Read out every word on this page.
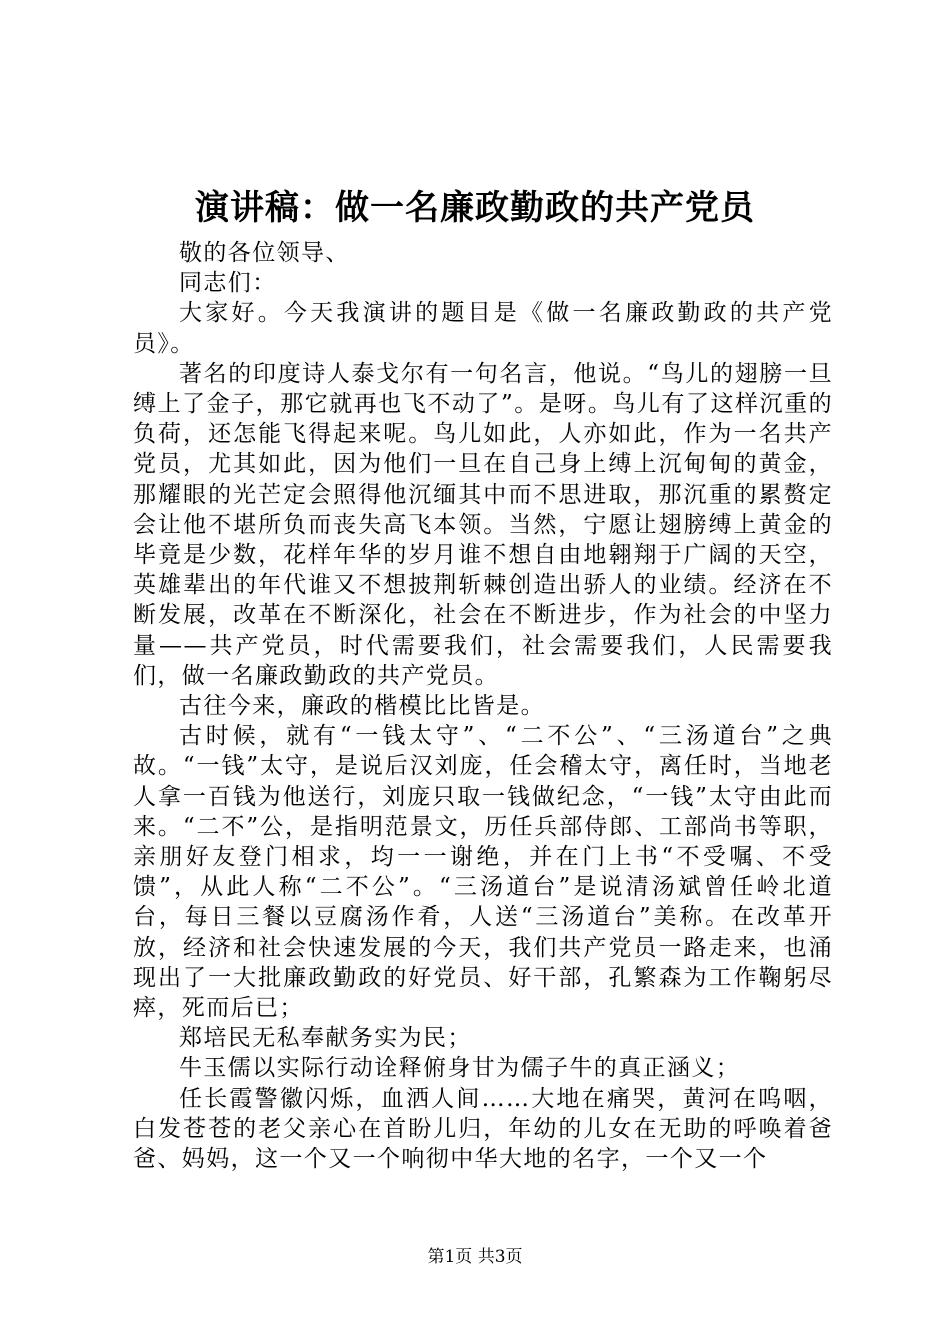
演讲稿：做一名廉政勤政的共产党员

敬的各位领导、

同志们：

大家好。今天我演讲的题目是《做一名廉政勤政的共产党员》。

著名的印度诗人泰戈尔有一句名言，他说。“鸟儿的翅膀一旦缚上了金子，那它就再也飞不动了”。是呀。鸟儿有了这样沉重的负荷，还怎能飞得起来呢。鸟儿如此，人亦如此，作为一名共产党员，尤其如此，因为他们一旦在自己身上缚上沉甸甸的黄金，那耀眼的光芒定会照得他沉缅其中而不思进取，那沉重的累赘定会让他不堪所负而丧失高飞本领。当然，宁愿让翅膀缚上黄金的毕竟是少数，花样年华的岁月谁不想自由地翱翔于广阔的天空，英雄辈出的年代谁又不想披荆斩棘创造出骄人的业绩。经济在不断发展，改革在不断深化，社会在不断进步，作为社会的中坚力量——共产党员，时代需要我们，社会需要我们，人民需要我们，做一名廉政勤政的共产党员。

古往今来，廉政的楷模比比皆是。

古时候，就有“一钱太守”、“二不公”、“三汤道台”之典故。“一钱”太守，是说后汉刘庞，任会稽太守，离任时，当地老人拿一百钱为他送行，刘庞只取一钱做纪念，“一钱”太守由此而来。“二不”公，是指明范景文，历任兵部侍郎、工部尚书等职，亲朋好友登门相求，均一一谢绝，并在门上书“不受嘱、不受馈”，从此人称“二不公”。“三汤道台”是说清汤斌曾任岭北道台，每日三餐以豆腐汤作肴，人送“三汤道台”美称。在改革开放，经济和社会快速发展的今天，我们共产党员一路走来，也涌现出了一大批廉政勤政的好党员、好干部，孔繁森为工作鞠躬尽瘁，死而后已；

郑培民无私奉献务实为民；

牛玉儒以实际行动诠释俯身甘为儒子牛的真正涵义；

任长霞警徽闪烁，血洒人间……大地在痛哭，黄河在呜咽，白发苍苍的老父亲心在首盼儿归，年幼的儿女在无助的呼唤着爸爸、妈妈，这一个又一个响彻中华大地的名字，一个又一个

第1页 共3页
